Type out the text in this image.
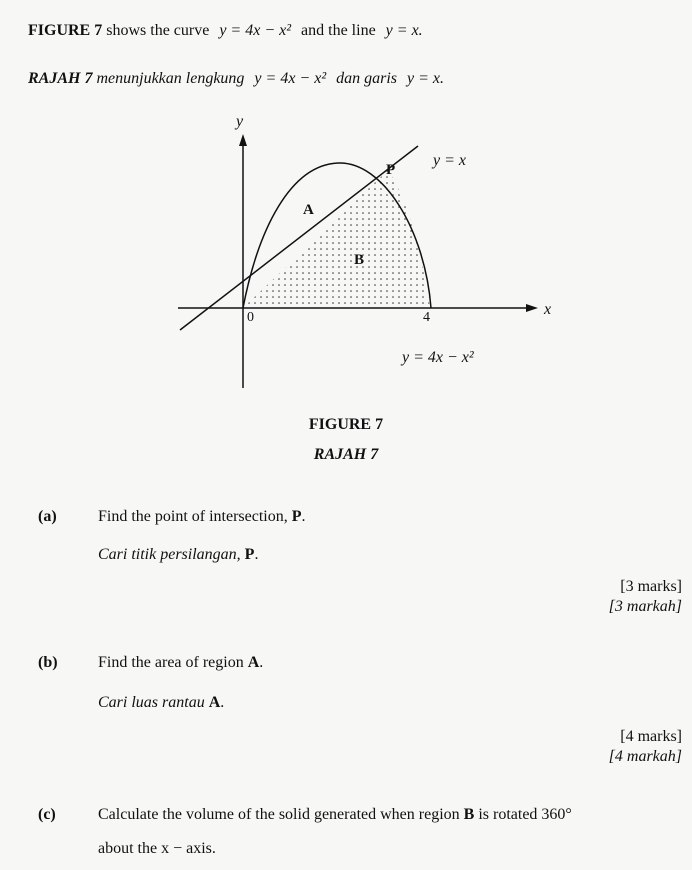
FIGURE 7 shows the curve y = 4x − x² and the line y = x.
RAJAH 7 menunjukkan lengkung y = 4x − x² dan garis y = x.
y
x
0	4
P
A
B
y = x
y = 4x − x²
FIGURE 7
RAJAH 7
(a)	Find the point of intersection, P.
Cari titik persilangan, P.
[3 marks]
[3 markah]
(b)	Find the area of region A.
Cari luas rantau A.
[4 marks]
[4 markah]
(c)	Calculate the volume of the solid generated when region B is rotated 360°
about the x − axis.
